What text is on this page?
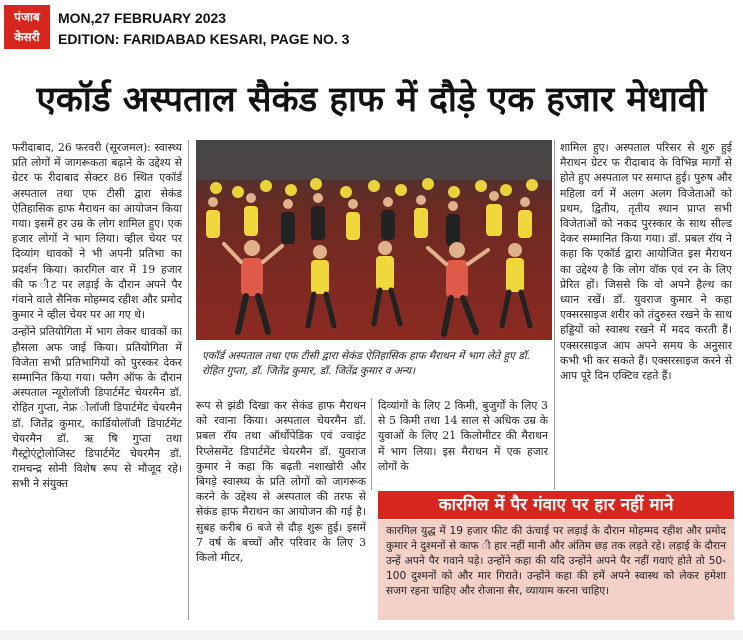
पंजाब
केसरी
MON,27 FEBRUARY 2023
EDITION: FARIDABAD KESARI, PAGE NO. 3
एकॉर्ड अस्पताल सैकंड हाफ में दौड़े एक हजार मेधावी

फरीदाबाद, 26 फरवरी (सूरजमल): स्वास्थ्य प्रति लोगों में जागरूकता बढ़ाने के उद्देश्य से ग्रेटर फ रीदाबाद सेक्टर 86 स्थित एकॉर्ड अस्पताल तथा एफ टीसी द्वारा सेकंड ऐतिहासिक हाफ मैराथन का आयोजन किया गया। इसमें हर उम्र के लोग शामिल हुए। एक हजार लोगों ने भाग लिया। व्हील चेयर पर दिव्यांग धावकों ने भी अपनी प्रतिभा का प्रदर्शन किया। कारगिल वार में 19 हजार की फ ीट पर लड़ाई के दौरान अपने पैर गंवाने वाले सैनिक मोहम्मद रहीश और प्रमोद कुमार ने व्हील चेयर पर आ गए थे।

उन्होंने प्रतियोगिता में भाग लेकर धावकों का हौसला अफ जाई किया। प्रतियोगिता में विजेता सभी प्रतिभागियों को पुरस्कर देकर सम्मानित किया गया। फ्लैग ऑफ के दौरान अस्पताल न्यूरोलॉजी डिपार्टमेंट चेयरमैन डॉ. रोहित गुप्ता, नेफ्र ोलॉजी डिपार्टमेंट चेयरमैन डॉ. जितेंद्र कुमार, कार्डियोलॉजी डिपार्टमेंट चेयरमैन डॉ. ऋ षि गुप्ता तथा गैस्ट्रोएंट्रोलोजिस्ट डिपार्टमेंट चेयरमैन डॉ. रामचन्द्र सोनी विशेष रूप से मौजूद रहे। सभी ने संयुक्त

एकॉर्ड अस्पताल तथा एफ टीसी द्वारा सेकंड ऐतिहासिक हाफ मैराथन में भाग लेते हुए डॉ. रोहित गुप्ता, डॉ. जितेंद्र कुमार, डॉ. जितेंद्र कुमार व अन्य।

रूप से झंडी दिखा कर सेकंड हाफ मैराथन को रवाना किया। अस्पताल चेयरमैन डॉ. प्रबल रॉय तथा ऑर्थोपेडिक एवं ज्वाइंट रिप्लेसमेंट डिपार्टमेंट चेयरमैन डॉ. युवराज कुमार ने कहा कि बढ़ती नशाखोरी और बिगड़े स्वास्थ्य के प्रति लोगों को जागरूक करने के उद्देश्य से अस्पताल की तरफ से सेकंड हाफ मैराथन का आयोजन की गई है। सुबह करीब 6 बजे से दौड़ शुरू हुई। इसमें 7 वर्ष के बच्चों और परिवार के लिए 3 किलो मीटर,

दिव्यांगों के लिए 2 किमी, बुजुर्गों के लिए 3 से 5 किमी तथा 14 साल से अधिक उम्र के युवाओं के लिए 21 किलोमीटर की मैराथन में भाग लिया। इस मैराथन में एक हजार लोगों के

शामिल हुए। अस्पताल परिसर से शुरु हुई मैराथन ग्रेटर फ रीदाबाद के विभिन्न मार्गों से होते हुए अस्पताल पर समाप्त हुई। पुरुष और महिला वर्ग में अलग अलग विजेताओं को प्रथम, द्वितीय, तृतीय स्थान प्राप्त सभी विजेताओं को नकद पुरस्कार के साथ सील्ड देकर सम्मानित किया गया। डॉ. प्रबल रॉय ने कहा कि एकॉर्ड द्वारा आयोजित इस मैराथन का उद्देश्य है कि लोग वॉक एवं रन के लिए प्रेरित हों। जिससे कि वो अपने हैल्थ का ध्यान रखें। डॉ. युवराज कुमार ने कहा एक्सरसाइज शरीर को तंदुरुस्त रखने के साथ हड्डियों को स्वास्थ रखने में मदद करती हैं। एक्सरसाइज आप अपने समय के अनुसार कभी भी कर सकते हैं। एक्सरसाइज करने से आप पूरे दिन एक्टिव रहते हैं।

कारगिल में पैर गंवाए पर हार नहीं माने
कारगिल युद्ध में 19 हजार फीट की ऊंचाई पर लड़ाई के दौरान मोहम्मद रहीश और प्रमोद कुमार ने दुश्मनों से काफ ी हार नहीं मानी और अंतिम छड़ तक लड़ते रहे। लड़ाई के दौरान उन्हें अपने पैर गवाने पड़े। उन्होंने कहा की यदि उन्होंने अपने पैर नहीं गवाएं होते तो 50-100 दुश्मनों को और मार गिराते। उन्होंने कहा की हमें अपने स्वास्थ को लेकर हमेशा सजग रहना चाहिए और रोजाना सैर, व्यायाम करना चाहिए।
